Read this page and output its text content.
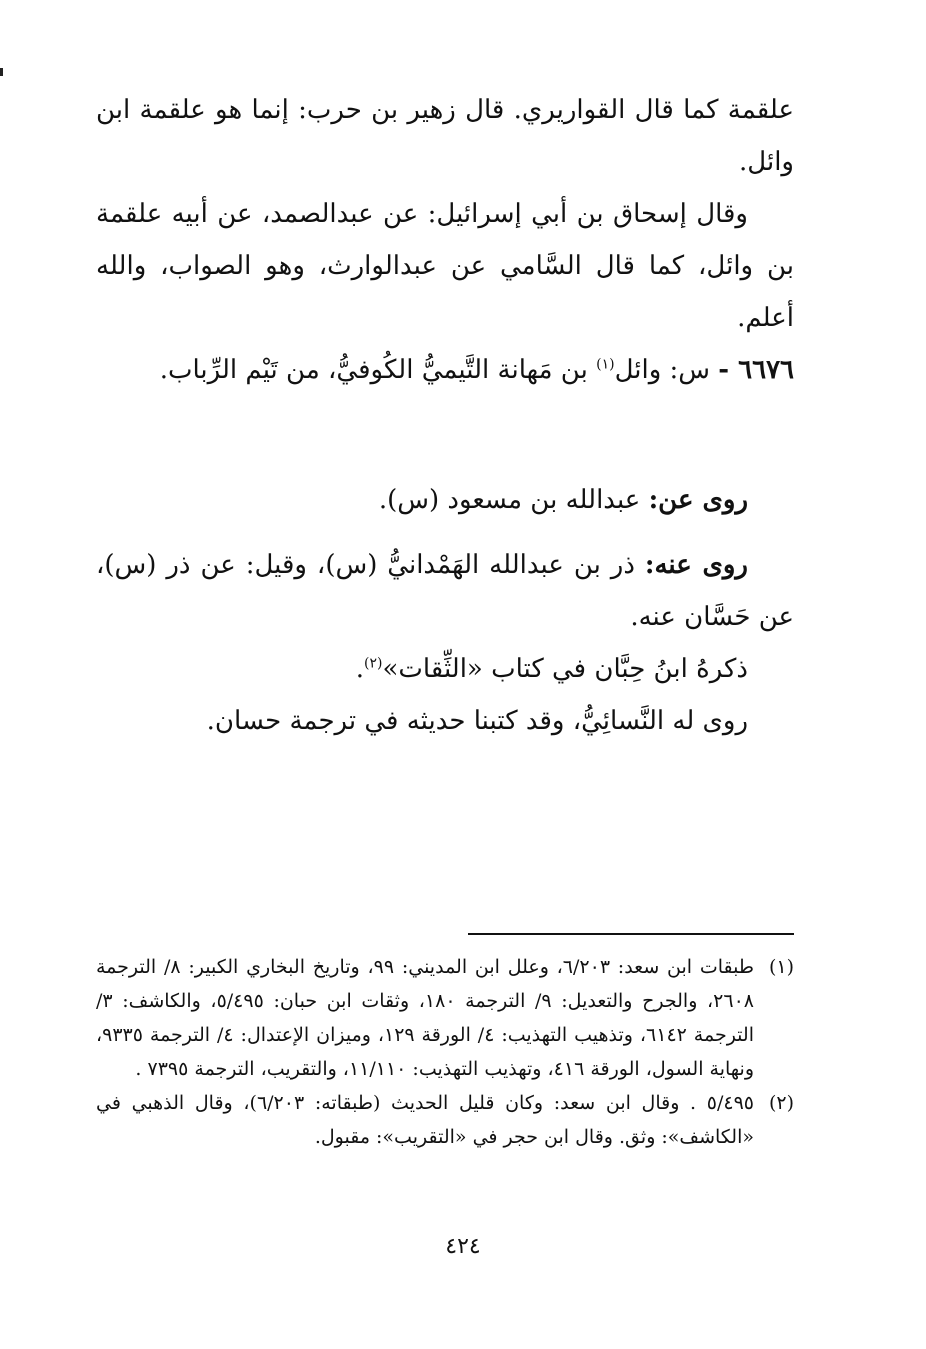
علقمة كما قال القواريري. قال زهير بن حرب: إنما هو علقمة ابن وائل.

وقال إسحاق بن أبي إسرائيل: عن عبدالصمد، عن أبيه علقمة بن وائل، كما قال السَّامي عن عبدالوارث، وهو الصواب، والله أعلم.

٦٦٧٦ - س: وائل$^{(١)}$ بن مَهانة التَّيميُّ الكُوفيُّ، من تَيْم الرِّباب.

روى عن: عبدالله بن مسعود (س).

روى عنه: ذر بن عبدالله الهَمْدانيُّ (س)، وقيل: عن ذر (س)، عن حَسَّان عنه.

ذكرهُ ابنُ حِبَّان في كتاب «الثِّقات»$^{(٢)}$.

روى له النَّسائِيُّ، وقد كتبنا حديثه في ترجمة حسان.

(١)
طبقات ابن سعد: ٦/٢٠٣، وعلل ابن المديني: ٩٩، وتاريخ البخاري الكبير: ٨/ الترجمة ٢٦٠٨، والجرح والتعديل: ٩/ الترجمة ١٨٠، وثقات ابن حبان: ٥/٤٩٥، والكاشف: ٣/ الترجمة ٦١٤٢، وتذهيب التهذيب: ٤/ الورقة ١٢٩، وميزان الإعتدال: ٤/ الترجمة ٩٣٣٥، ونهاية السول، الورقة ٤١٦، وتهذيب التهذيب: ١١/١١٠، والتقريب، الترجمة ٧٣٩٥ .
(٢)
٥/٤٩٥ . وقال ابن سعد: وكان قليل الحديث (طبقاته: ٦/٢٠٣)، وقال الذهبي في «الكاشف»: وثق. وقال ابن حجر في «التقريب»: مقبول.
٤٢٤
